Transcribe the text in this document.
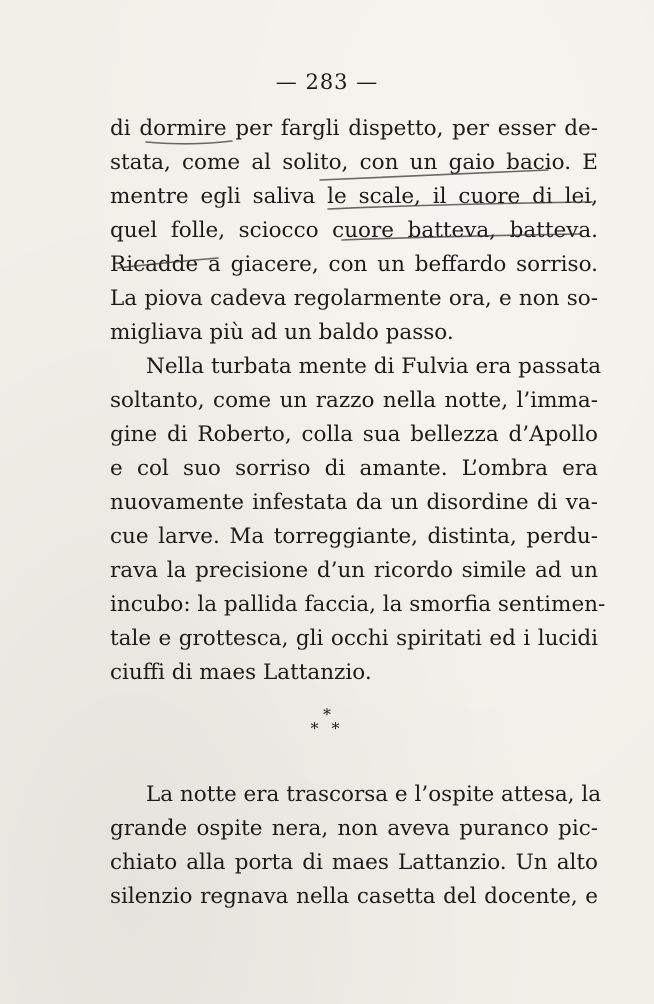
— 283 —
di dormire per fargli dispetto, per esser de-
stata, come al solito, con un gaio bacio. E
mentre egli saliva le scale, il cuore di lei,
quel folle, sciocco cuore batteva, batteva.
Ricadde a giacere, con un beffardo sorriso.
La piova cadeva regolarmente ora, e non so-
migliava più ad un baldo passo.
Nella turbata mente di Fulvia era passata
soltanto, come un razzo nella notte, l’imma-
gine di Roberto, colla sua bellezza d’Apollo
e col suo sorriso di amante. L’ombra era
nuovamente infestata da un disordine di va-
cue larve. Ma torreggiante, distinta, perdu-
rava la precisione d’un ricordo simile ad un
incubo: la pallida faccia, la smorfia sentimen-
tale e grottesca, gli occhi spiritati ed i lucidi
ciuffi di maes Lattanzio.
*
* *
La notte era trascorsa e l’ospite attesa, la
grande ospite nera, non aveva puranco pic-
chiato alla porta di maes Lattanzio. Un alto
silenzio regnava nella casetta del docente, e
